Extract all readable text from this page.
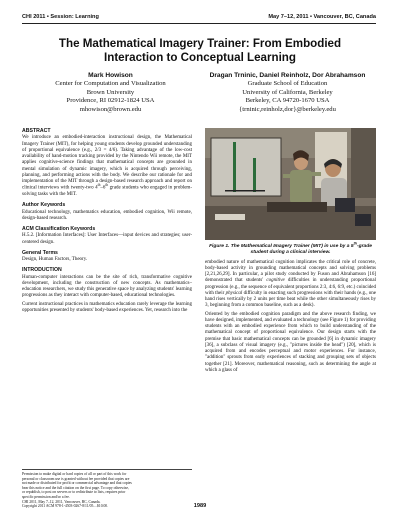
CHI 2011 • Session: Learning	May 7–12, 2011 • Vancouver, BC, Canada
The Mathematical Imagery Trainer: From Embodied
Interaction to Conceptual Learning
Mark Howison
Center for Computation and Visualization
Brown University
Providence, RI 02912-1824 USA
mhowison@brown.edu
Dragan Trninic, Daniel Reinholz, Dor Abrahamson
Graduate School of Education
University of California, Berkeley
Berkeley, CA 94720-1670 USA
{trninic,reinholz,dor}@berkeley.edu
ABSTRACT

We introduce an embodied-interaction instructional design, the Mathematical Imagery Trainer (MIT), for helping young students develop grounded understanding of proportional equivalence (e.g., 2/3 = 4/6). Taking advantage of the low-cost availability of hand-motion tracking provided by the Nintendo Wii remote, the MIT applies cognitive-science findings that mathematical concepts are grounded in mental simulation of dynamic imagery, which is acquired through perceiving, planning, and performing actions with the body. We describe our rationale for and implementation of the MIT through a design-based research approach and report on clinical interviews with twenty-two 4th–6th grade students who engaged in problem-solving tasks with the MIT.

Author Keywords

Educational technology, mathematics education, embodied cognition, Wii remote, design-based research.

ACM Classification Keywords

H.5.2. [Information Interfaces]: User Interfaces—input devices and strategies; user-centered design.

General Terms

Design, Human Factors, Theory.

INTRODUCTION

Human-computer interactions can be the site of rich, transformative cognitive development, including the construction of new concepts. As mathematics–education researchers, we study this generative space by analyzing students' learning progressions as they interact with computer-based, educational technologies.

Current instructional practices in mathematics education rarely leverage the learning opportunities presented by students' body-based experiences. Yet, research into the

Figure 1. The Mathematical Imagery Trainer (MIT) in use by a 5th-grade student during a clinical interview.

embodied nature of mathematical cognition implicates the critical role of concrete, body-based activity in grounding mathematical concepts and solving problems [2,21,26,29]. In particular, a pilot study conducted by Fuson and Abrahamson [16] demonstrated that students' cognitive difficulties in understanding proportional progression (e.g., the sequence of equivalent proportions 2:3, 4:6, 6:9, etc.) coincided with their physical difficulty in enacting such progressions with their hands (e.g., one hand rises vertically by 2 units per time beat while the other simultaneously rises by 3, beginning from a common baseline, such as a desk).

Oriented by the embodied cognition paradigm and the above research finding, we have designed, implemented, and evaluated a technology (see Figure 1) for providing students with an embodied experience from which to build understanding of the mathematical concept of proportional equivalence. Our design starts with the premise that basic mathematical concepts can be grounded [6] in dynamic imagery [36], a subclass of visual imagery (e.g., "pictures inside the head") [20], which is acquired from and encodes perceptual and motor experiences. For instance, "addition" sprouts from early experiences of stacking and grouping sets of objects together [21]. Moreover, mathematical reasoning, such as determining the angle at which a glass of

Permission to make digital or hard copies of all or part of this work for

personal or classroom use is granted without fee provided that copies are

not made or distributed for profit or commercial advantage and that copies

bear this notice and the full citation on the first page. To copy otherwise,

or republish, to post on servers or to redistribute to lists, requires prior

specific permission and/or a fee.

CHI 2011, May 7–12, 2011, Vancouver, BC, Canada.

Copyright 2011 ACM 978-1-4503-0267-8/11/05....$10.00.	1989
